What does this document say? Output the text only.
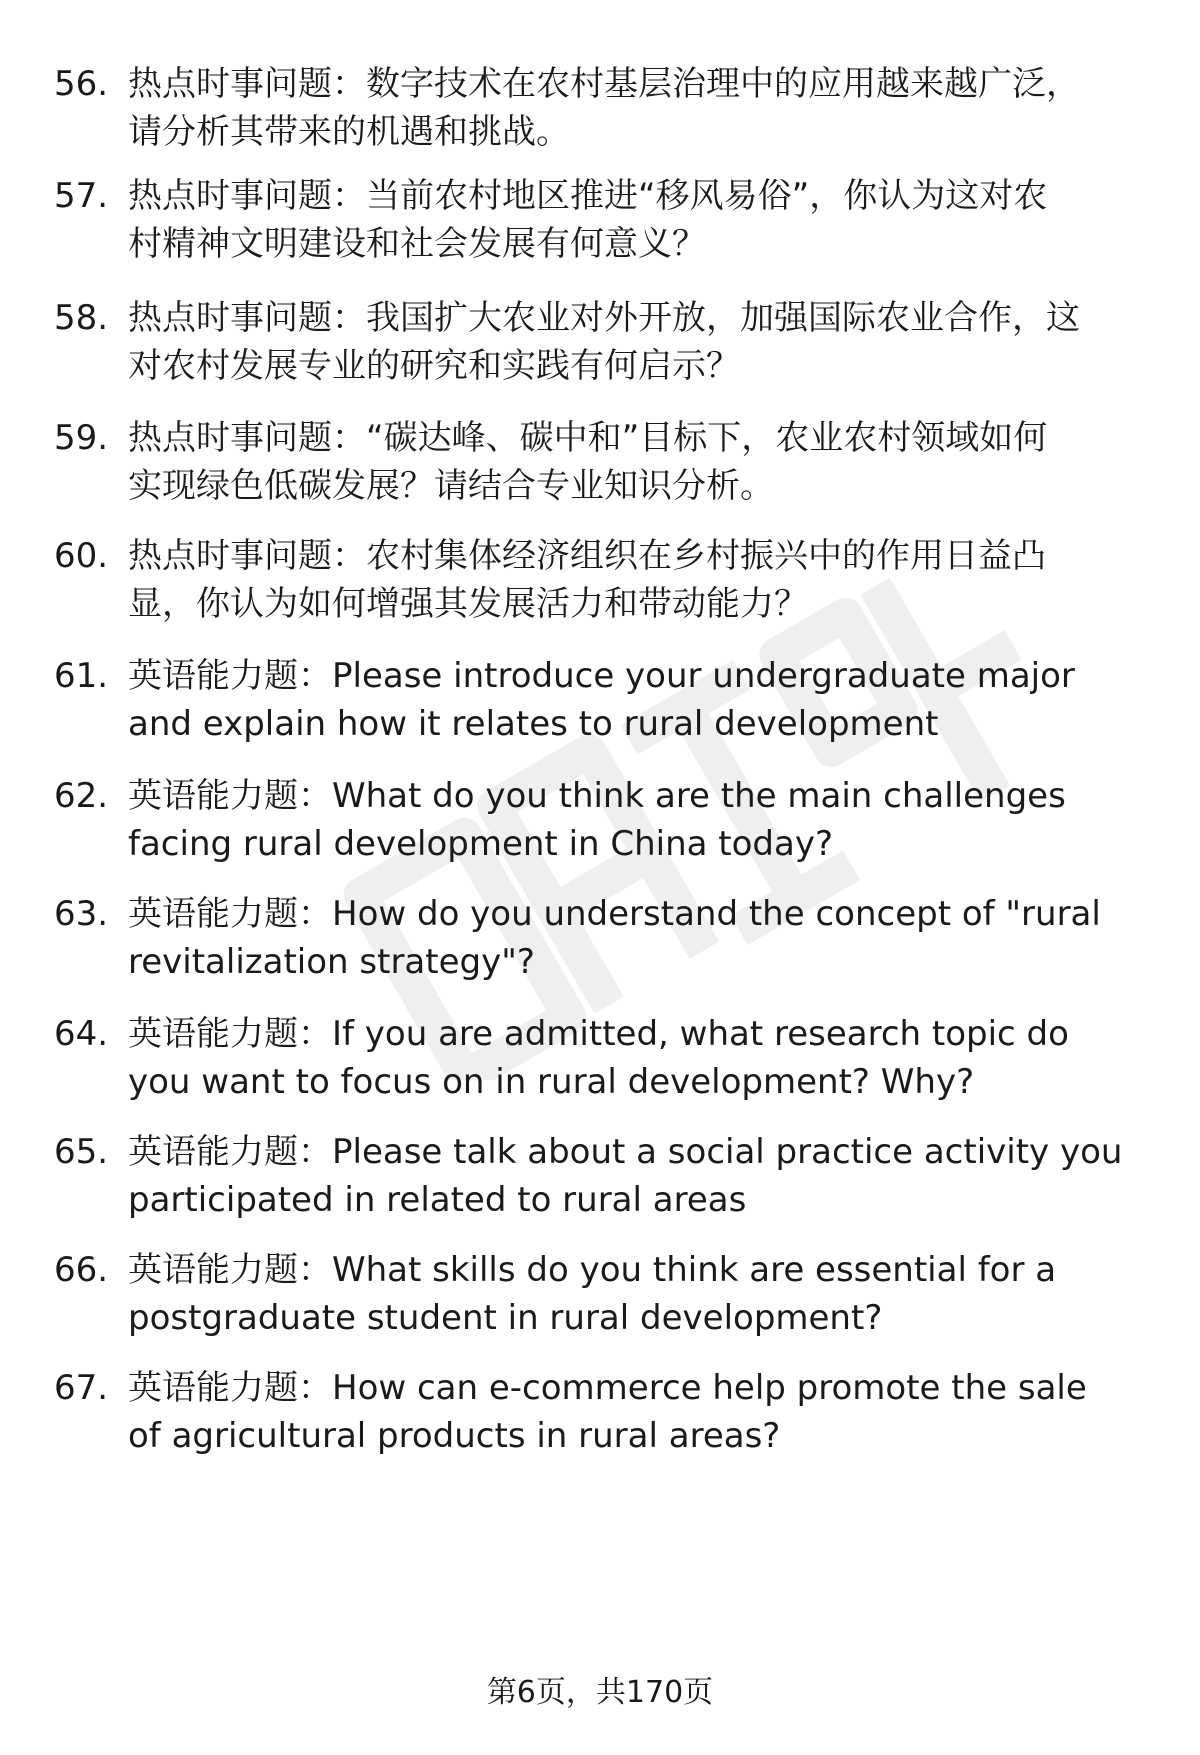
56. 热点时事问题：数字技术在农村基层治理中的应用越来越广泛，
请分析其带来的机遇和挑战。
57. 热点时事问题：当前农村地区推进“移风易俗”，你认为这对农
村精神文明建设和社会发展有何意义？
58. 热点时事问题：我国扩大农业对外开放，加强国际农业合作，这
对农村发展专业的研究和实践有何启示？
59. 热点时事问题：“碳达峰、碳中和”目标下，农业农村领域如何
实现绿色低碳发展？请结合专业知识分析。
60. 热点时事问题：农村集体经济组织在乡村振兴中的作用日益凸
显，你认为如何增强其发展活力和带动能力？
61. 英语能力题：Please introduce your undergraduate major
and explain how it relates to rural development
62. 英语能力题：What do you think are the main challenges
facing rural development in China today?
63. 英语能力题：How do you understand the concept of "rural
revitalization strategy"?
64. 英语能力题：If you are admitted, what research topic do
you want to focus on in rural development? Why?
65. 英语能力题：Please talk about a social practice activity you
participated in related to rural areas
66. 英语能力题：What skills do you think are essential for a
postgraduate student in rural development?
67. 英语能力题：How can e-commerce help promote the sale
of agricultural products in rural areas?
第6页，共170页
